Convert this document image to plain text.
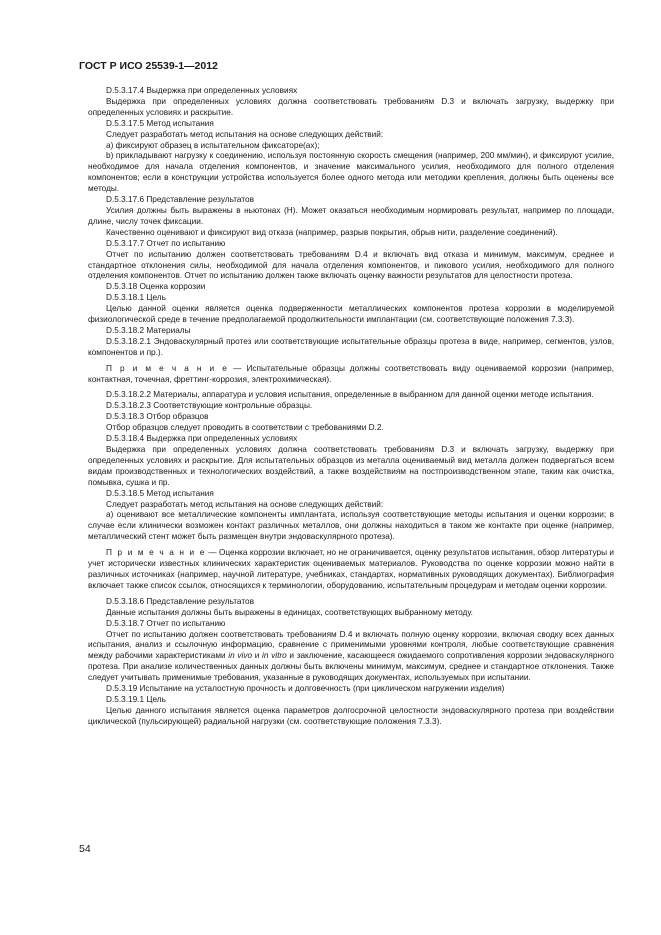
ГОСТ Р ИСО 25539-1—2012

D.5.3.17.4 Выдержка при определенных условиях

Выдержка при определенных условиях должна соответствовать требованиям D.3 и включать загрузку, выдержку при определенных условиях и раскрытие.

D.5.3.17.5 Метод испытания

Следует разработать метод испытания на основе следующих действий:

а) фиксируют образец в испытательном фиксаторе(ах);

b) прикладывают нагрузку к соединению, используя постоянную скорость смещения (например, 200 мм/мин), и фиксируют усилие, необходимое для начала отделения компонентов, и значение максимального усилия, необходимого для полного отделения компонентов; если в конструкции устройства используется более одного метода или методики крепления, должны быть оценены все методы.

D.5.3.17.6 Представление результатов

Усилия должны быть выражены в ньютонах (Н). Может оказаться необходимым нормировать результат, например по площади, длине, числу точек фиксации.

Качественно оценивают и фиксируют вид отказа (например, разрыв покрытия, обрыв нити, разделение соединений).

D.5.3.17.7 Отчет по испытанию

Отчет по испытанию должен соответствовать требованиям D.4 и включать вид отказа и минимум, максимум, среднее и стандартное отклонения силы, необходимой для начала отделения компонентов, и пикового усилия, необходимого для полного отделения компонентов. Отчет по испытанию должен также включать оценку важности результатов для целостности протеза.

D.5.3.18 Оценка коррозии

D.5.3.18.1 Цель

Целью данной оценки является оценка подверженности металлических компонентов протеза коррозии в моделируемой физиологической среде в течение предполагаемой продолжительности имплантации (см. соответствующие положения 7.3.3).

D.5.3.18.2 Материалы

D.5.3.18.2.1 Эндоваскулярный протез или соответствующие испытательные образцы протеза в виде, например, сегментов, узлов, компонентов и пр.).

П р и м е ч а н и е — Испытательные образцы должны соответствовать виду оцениваемой коррозии (например, контактная, точечная, фреттинг-коррозия, электрохимическая).

D.5.3.18.2.2 Материалы, аппаратура и условия испытания, определенные в выбранном для данной оценки методе испытания.

D.5.3.18.2.3 Соответствующие контрольные образцы.

D.5.3.18.3 Отбор образцов

Отбор образцов следует проводить в соответствии с требованиями D.2.

D.5.3.18.4 Выдержка при определенных условиях

Выдержка при определенных условиях должна соответствовать требованиям D.3 и включать загрузку, выдержку при определенных условиях и раскрытие. Для испытательных образцов из металла оцениваемый вид металла должен подвергаться всем видам производственных и технологических воздействий, а также воздействиям на постпроизводственном этапе, таким как очистка, помывка, сушка и пр.

D.5.3.18.5 Метод испытания

Следует разработать метод испытания на основе следующих действий:

а) оценивают все металлические компоненты имплантата, используя соответствующие методы испытания и оценки коррозии; в случае если клинически возможен контакт различных металлов, они должны находиться в таком же контакте при оценке (например, металлический стент может быть размещен внутри эндоваскулярного протеза).

П р и м е ч а н и е — Оценка коррозии включает, но не ограничивается, оценку результатов испытания, обзор литературы и учет исторически известных клинических характеристик оцениваемых материалов. Руководства по оценке коррозии можно найти в различных источниках (например, научной литературе, учебниках, стандартах, нормативных руководящих документах). Библиография включает также список ссылок, относящихся к терминологии, оборудованию, испытательным процедурам и методам оценки коррозии.

D.5.3.18.6 Представление результатов

Данные испытания должны быть выражены в единицах, соответствующих выбранному методу.

D.5.3.18.7 Отчет по испытанию

Отчет по испытанию должен соответствовать требованиям D.4 и включать полную оценку коррозии, включая сводку всех данных испытания, анализ и ссылочную информацию, сравнение с применимыми уровнями контроля, любые соответствующие сравнения между рабочими характеристиками in vivo и in vitro и заключение, касающееся ожидаемого сопротивления коррозии эндоваскулярного протеза. При анализе количественных данных должны быть включены минимум, максимум, среднее и стандартное отклонения. Также следует учитывать применимые требования, указанные в руководящих документах, используемых при испытании.

D.5.3.19 Испытание на усталостную прочность и долговечность (при циклическом нагружении изделия)

D.5.3.19.1 Цель

Целью данного испытания является оценка параметров долгосрочной целостности эндоваскулярного протеза при воздействии циклической (пульсирующей) радиальной нагрузки (см. соответствующие положения 7.3.3).

54
